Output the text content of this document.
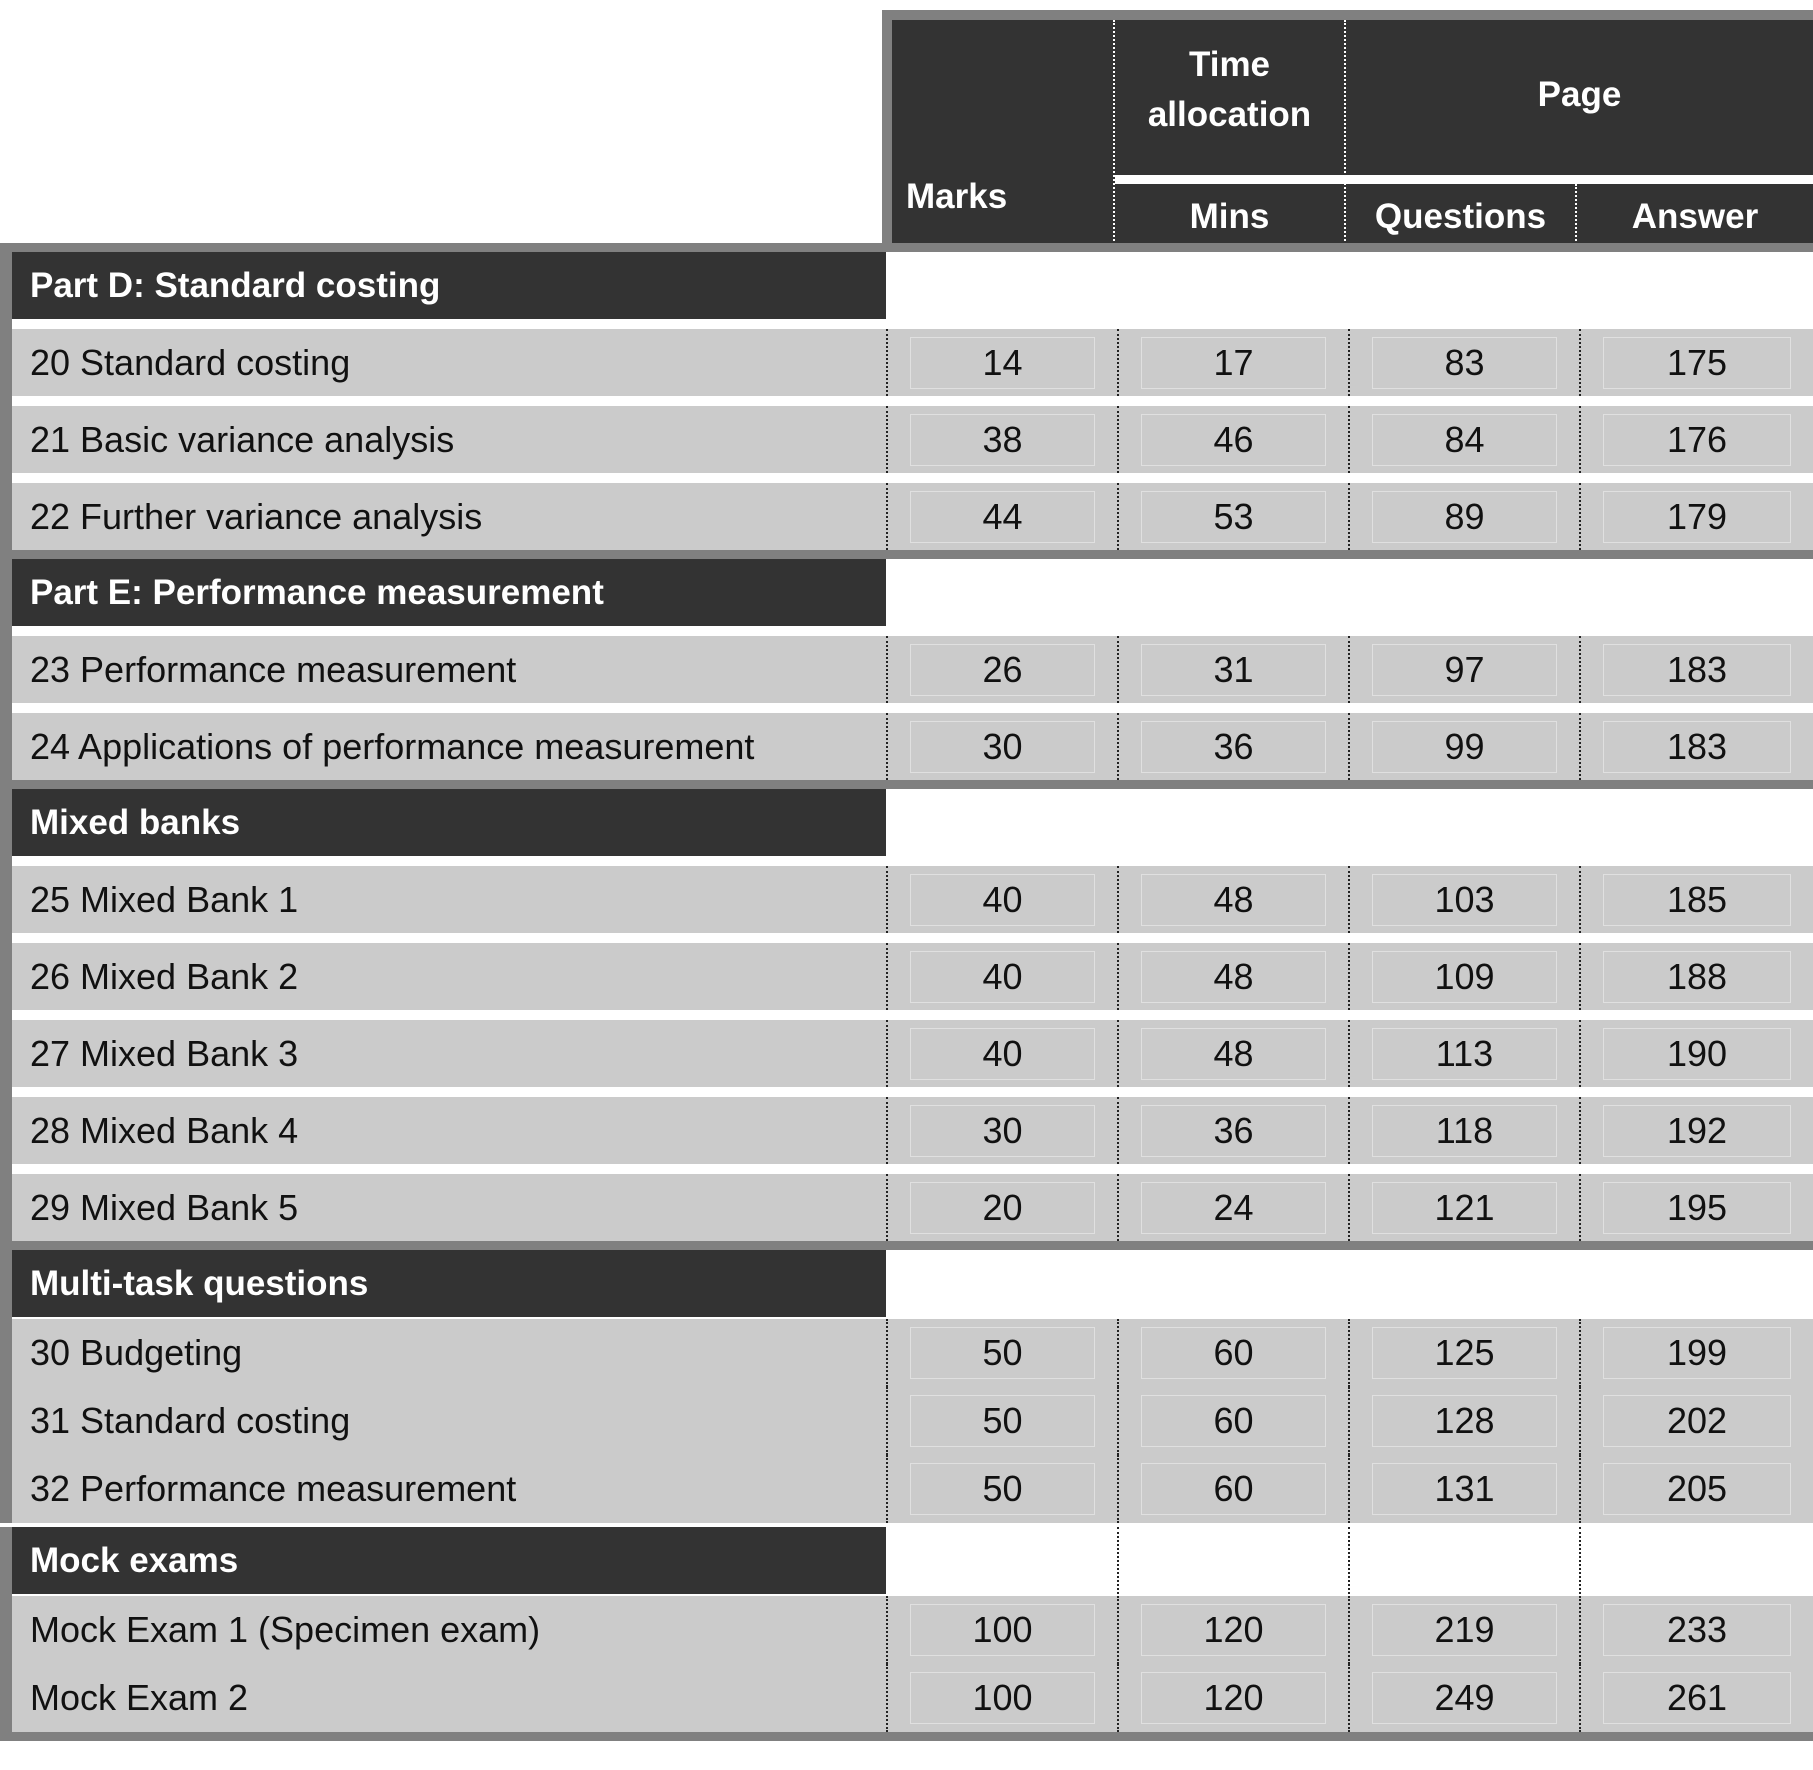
Marks
Time allocation
Page
Mins	Questions	Answer
Part D: Standard costing
20 Standard costing	14	17	83	175
21 Basic variance analysis	38	46	84	176
22 Further variance analysis	44	53	89	179
Part E: Performance measurement
23 Performance measurement	26	31	97	183
24 Applications of performance measurement	30	36	99	183
Mixed banks
25 Mixed Bank 1	40	48	103	185
26 Mixed Bank 2	40	48	109	188
27 Mixed Bank 3	40	48	113	190
28 Mixed Bank 4	30	36	118	192
29 Mixed Bank 5	20	24	121	195
Multi-task questions
30 Budgeting	50	60	125	199
31 Standard costing	50	60	128	202
32 Performance measurement	50	60	131	205
Mock exams
Mock Exam 1 (Specimen exam)	100	120	219	233
Mock Exam 2	100	120	249	261
